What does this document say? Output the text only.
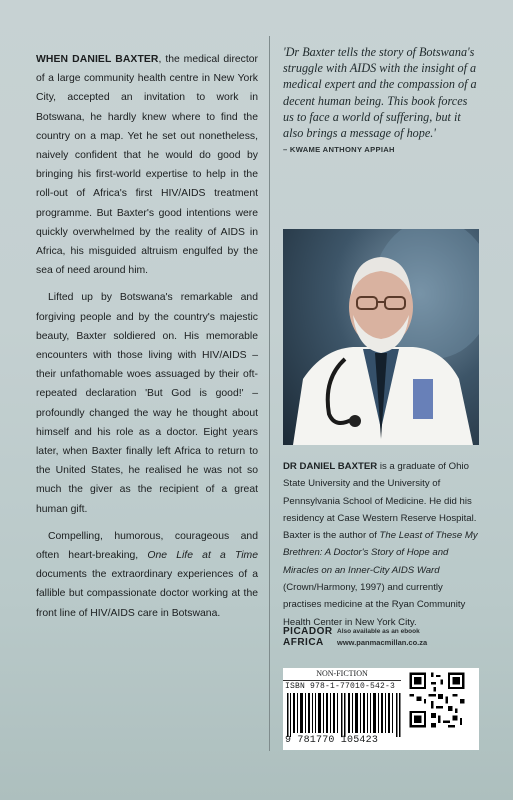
WHEN DANIEL BAXTER, the medical director of a large community health centre in New York City, accepted an invitation to work in Botswana, he hardly knew where to find the country on a map. Yet he set out nonetheless, naively confident that he would do good by bringing his first-world expertise to help in the roll-out of Africa's first HIV/AIDS treatment programme. But Baxter's good intentions were quickly overwhelmed by the reality of AIDS in Africa, his misguided altruism engulfed by the sea of need around him.

Lifted up by Botswana's remarkable and forgiving people and by the country's majestic beauty, Baxter soldiered on. His memorable encounters with those living with HIV/AIDS – their unfathomable woes assuaged by their oft-repeated declaration 'But God is good!' – profoundly changed the way he thought about himself and his role as a doctor. Eight years later, when Baxter finally left Africa to return to the United States, he realised he was not so much the giver as the recipient of a great human gift.

Compelling, humorous, courageous and often heart-breaking, One Life at a Time documents the extraordinary experiences of a fallible but compassionate doctor working at the front line of HIV/AIDS care in Botswana.

'Dr Baxter tells the story of Botswana's struggle with AIDS with the insight of a medical expert and the compassion of a decent human being. This book forces us to face a world of suffering, but it also brings a message of hope.'

– KWAME ANTHONY APPIAH
DR DANIEL BAXTER is a graduate of Ohio State University and the University of Pennsylvania School of Medicine. He did his residency at Case Western Reserve Hospital. Baxter is the author of The Least of These My Brethren: A Doctor's Story of Hope and Miracles on an Inner-City AIDS Ward (Crown/Harmony, 1997) and currently practises medicine at the Ryan Community Health Center in New York City.
PICADOR
AFRICA
Also available as an ebook
www.panmacmillan.co.za
NON-FICTION
ISBN 978-1-77010-542-3
9 781770 105423
